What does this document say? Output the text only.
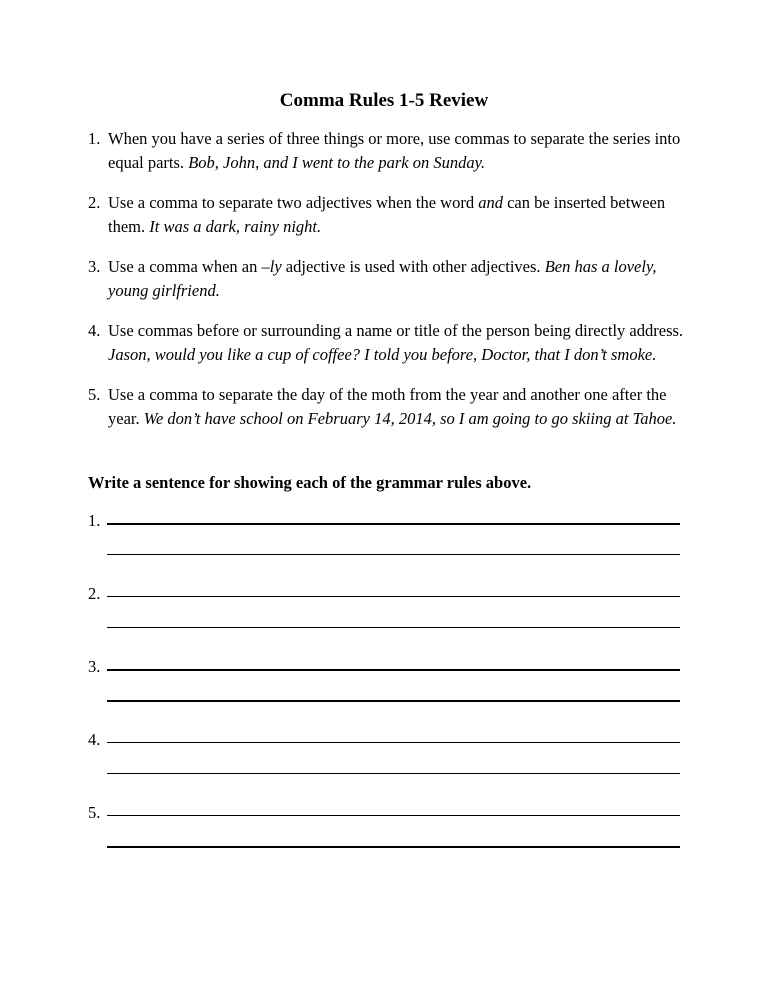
Comma Rules 1-5 Review
1. When you have a series of three things or more, use commas to separate the series into equal parts. Bob, John, and I went to the park on Sunday.
2. Use a comma to separate two adjectives when the word and can be inserted between them. It was a dark, rainy night.
3. Use a comma when an –ly adjective is used with other adjectives. Ben has a lovely, young girlfriend.
4. Use commas before or surrounding a name or title of the person being directly address. Jason, would you like a cup of coffee? I told you before, Doctor, that I don’t smoke.
5. Use a comma to separate the day of the moth from the year and another one after the year. We don’t have school on February 14, 2014, so I am going to go skiing at Tahoe.
Write a sentence for showing each of the grammar rules above.
1.
2.
3.
4.
5.
